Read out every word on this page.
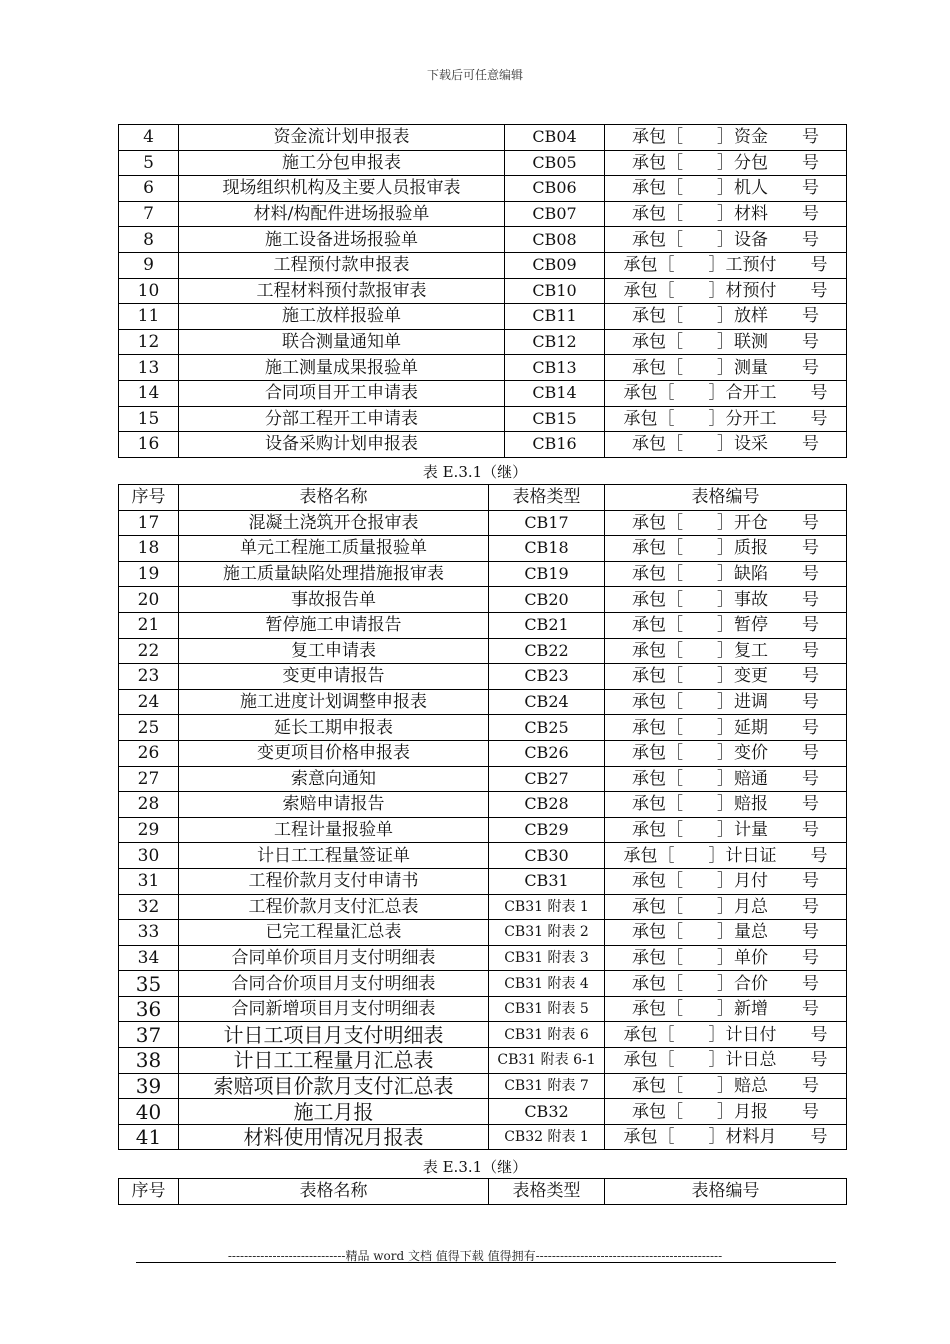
下载后可任意编辑
4	资金流计划申报表	CB04	承包［　　］资金　　号
5	施工分包申报表	CB05	承包［　　］分包　　号
6	现场组织机构及主要人员报审表	CB06	承包［　　］机人　　号
7	材料/构配件进场报验单	CB07	承包［　　］材料　　号
8	施工设备进场报验单	CB08	承包［　　］设备　　号
9	工程预付款申报表	CB09	承包［　　］工预付　　号
10	工程材料预付款报审表	CB10	承包［　　］材预付　　号
11	施工放样报验单	CB11	承包［　　］放样　　号
12	联合测量通知单	CB12	承包［　　］联测　　号
13	施工测量成果报验单	CB13	承包［　　］测量　　号
14	合同项目开工申请表	CB14	承包［　　］合开工　　号
15	分部工程开工申请表	CB15	承包［　　］分开工　　号
16	设备采购计划申报表	CB16	承包［　　］设采　　号
表 E.3.1（继）
序号	表格名称	表格类型	表格编号
17	混凝土浇筑开仓报审表	CB17	承包［　　］开仓　　号
18	单元工程施工质量报验单	CB18	承包［　　］质报　　号
19	施工质量缺陷处理措施报审表	CB19	承包［　　］缺陷　　号
20	事故报告单	CB20	承包［　　］事故　　号
21	暂停施工申请报告	CB21	承包［　　］暂停　　号
22	复工申请表	CB22	承包［　　］复工　　号
23	变更申请报告	CB23	承包［　　］变更　　号
24	施工进度计划调整申报表	CB24	承包［　　］进调　　号
25	延长工期申报表	CB25	承包［　　］延期　　号
26	变更项目价格申报表	CB26	承包［　　］变价　　号
27	索意向通知	CB27	承包［　　］赔通　　号
28	索赔申请报告	CB28	承包［　　］赔报　　号
29	工程计量报验单	CB29	承包［　　］计量　　号
30	计日工工程量签证单	CB30	承包［　　］计日证　　号
31	工程价款月支付申请书	CB31	承包［　　］月付　　号
32	工程价款月支付汇总表	CB31 附表 1	承包［　　］月总　　号
33	已完工程量汇总表	CB31 附表 2	承包［　　］量总　　号
34	合同单价项目月支付明细表	CB31 附表 3	承包［　　］单价　　号
35	合同合价项目月支付明细表	CB31 附表 4	承包［　　］合价　　号
36	合同新增项目月支付明细表	CB31 附表 5	承包［　　］新增　　号
37	计日工项目月支付明细表	CB31 附表 6	承包［　　］计日付　　号
38	计日工工程量月汇总表	CB31 附表 6-1	承包［　　］计日总　　号
39	索赔项目价款月支付汇总表	CB31 附表 7	承包［　　］赔总　　号
40	施工月报	CB32	承包［　　］月报　　号
41	材料使用情况月报表	CB32 附表 1	承包［　　］材料月　　号
表 E.3.1（继）
序号	表格名称	表格类型	表格编号
-----------------------------精品 word 文档 值得下载 值得拥有----------------------------------------------
